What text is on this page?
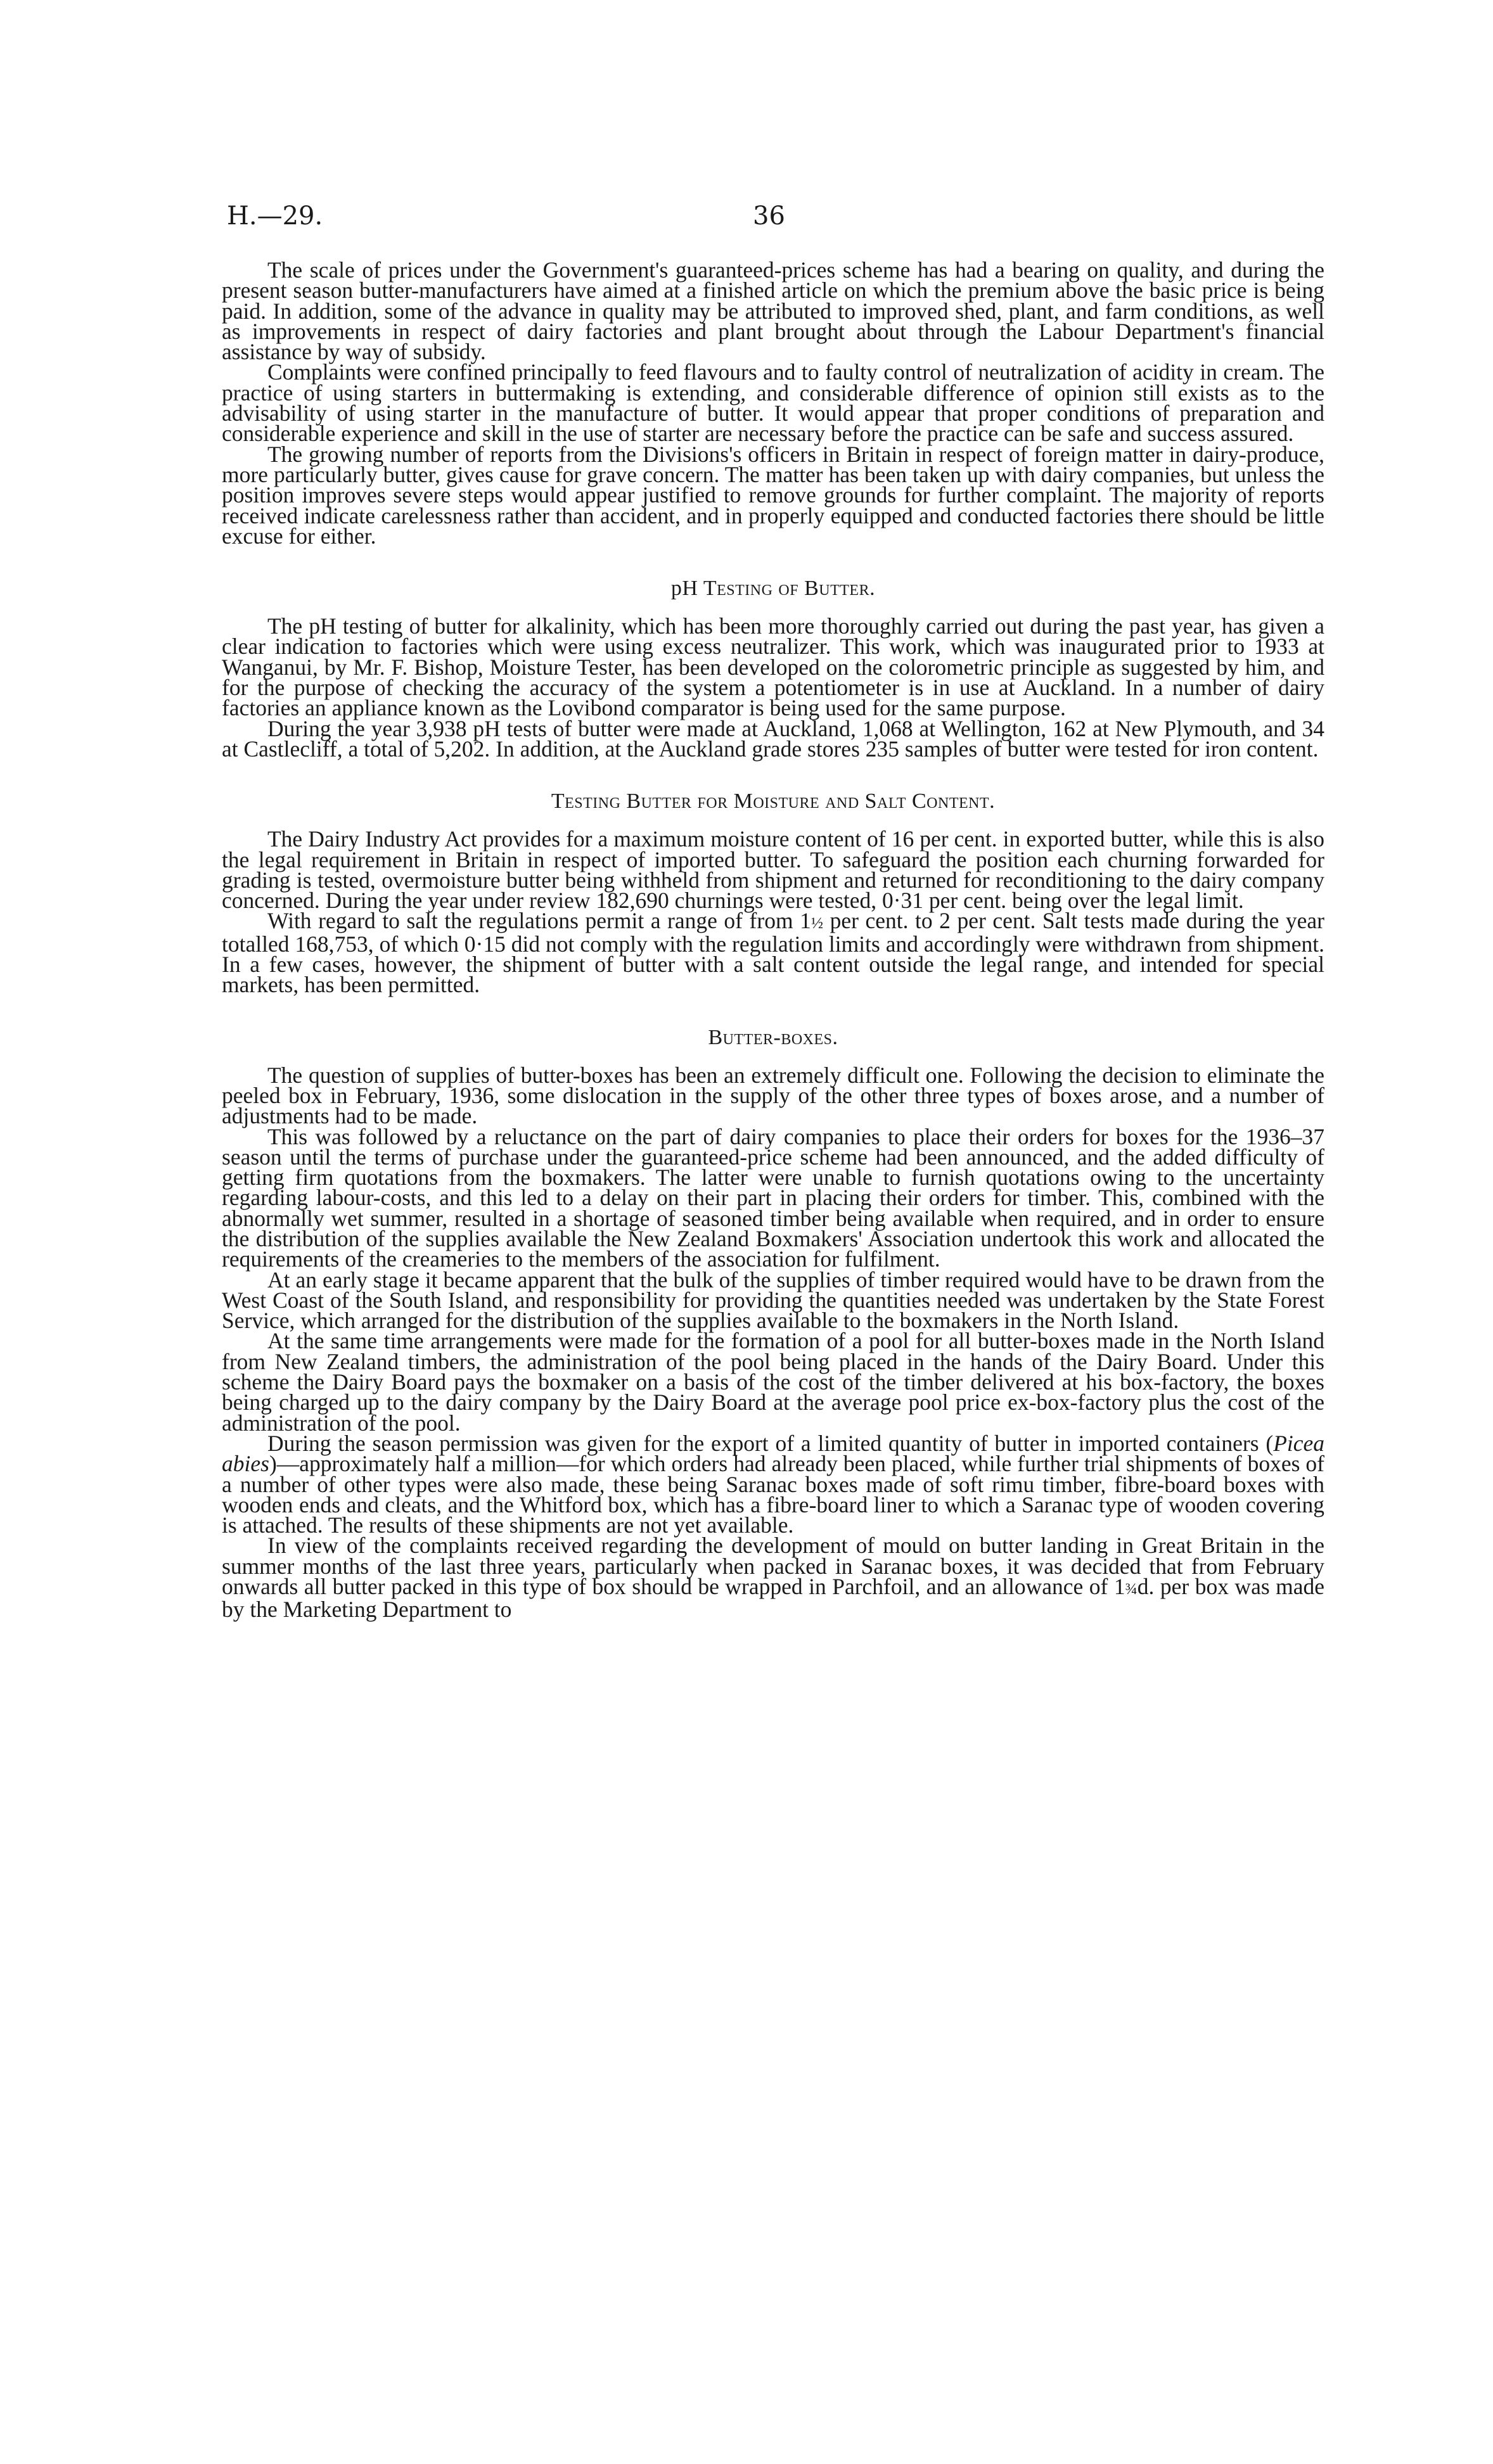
H.—29.	36

The scale of prices under the Government's guaranteed-prices scheme has had a bearing on quality, and during the present season butter-manufacturers have aimed at a finished article on which the premium above the basic price is being paid. In addition, some of the advance in quality may be attributed to improved shed, plant, and farm conditions, as well as improvements in respect of dairy factories and plant brought about through the Labour Department's financial assistance by way of subsidy.

Complaints were confined principally to feed flavours and to faulty control of neutralization of acidity in cream. The practice of using starters in buttermaking is extending, and considerable difference of opinion still exists as to the advisability of using starter in the manufacture of butter. It would appear that proper conditions of preparation and considerable experience and skill in the use of starter are necessary before the practice can be safe and success assured.

The growing number of reports from the Divisions's officers in Britain in respect of foreign matter in dairy-produce, more particularly butter, gives cause for grave concern. The matter has been taken up with dairy companies, but unless the position improves severe steps would appear justified to remove grounds for further complaint. The majority of reports received indicate carelessness rather than accident, and in properly equipped and conducted factories there should be little excuse for either.

pH Testing of Butter.

The pH testing of butter for alkalinity, which has been more thoroughly carried out during the past year, has given a clear indication to factories which were using excess neutralizer. This work, which was inaugurated prior to 1933 at Wanganui, by Mr. F. Bishop, Moisture Tester, has been developed on the colorometric principle as suggested by him, and for the purpose of checking the accuracy of the system a potentiometer is in use at Auckland. In a number of dairy factories an appliance known as the Lovibond comparator is being used for the same purpose.

During the year 3,938 pH tests of butter were made at Auckland, 1,068 at Wellington, 162 at New Plymouth, and 34 at Castlecliff, a total of 5,202. In addition, at the Auckland grade stores 235 samples of butter were tested for iron content.

Testing Butter for Moisture and Salt Content.

The Dairy Industry Act provides for a maximum moisture content of 16 per cent. in exported butter, while this is also the legal requirement in Britain in respect of imported butter. To safeguard the position each churning forwarded for grading is tested, overmoisture butter being withheld from shipment and returned for reconditioning to the dairy company concerned. During the year under review 182,690 churnings were tested, 0·31 per cent. being over the legal limit.

With regard to salt the regulations permit a range of from 1½ per cent. to 2 per cent. Salt tests made during the year totalled 168,753, of which 0·15 did not comply with the regulation limits and accordingly were withdrawn from shipment. In a few cases, however, the shipment of butter with a salt content outside the legal range, and intended for special markets, has been permitted.

Butter-boxes.

The question of supplies of butter-boxes has been an extremely difficult one. Following the decision to eliminate the peeled box in February, 1936, some dislocation in the supply of the other three types of boxes arose, and a number of adjustments had to be made.

This was followed by a reluctance on the part of dairy companies to place their orders for boxes for the 1936–37 season until the terms of purchase under the guaranteed-price scheme had been announced, and the added difficulty of getting firm quotations from the boxmakers. The latter were unable to furnish quotations owing to the uncertainty regarding labour-costs, and this led to a delay on their part in placing their orders for timber. This, combined with the abnormally wet summer, resulted in a shortage of seasoned timber being available when required, and in order to ensure the distribution of the supplies available the New Zealand Boxmakers' Association undertook this work and allocated the requirements of the creameries to the members of the association for fulfilment.

At an early stage it became apparent that the bulk of the supplies of timber required would have to be drawn from the West Coast of the South Island, and responsibility for providing the quantities needed was undertaken by the State Forest Service, which arranged for the distribution of the supplies available to the boxmakers in the North Island.

At the same time arrangements were made for the formation of a pool for all butter-boxes made in the North Island from New Zealand timbers, the administration of the pool being placed in the hands of the Dairy Board. Under this scheme the Dairy Board pays the boxmaker on a basis of the cost of the timber delivered at his box-factory, the boxes being charged up to the dairy company by the Dairy Board at the average pool price ex-box-factory plus the cost of the administration of the pool.

During the season permission was given for the export of a limited quantity of butter in imported containers (Picea abies)—approximately half a million—for which orders had already been placed, while further trial shipments of boxes of a number of other types were also made, these being Saranac boxes made of soft rimu timber, fibre-board boxes with wooden ends and cleats, and the Whitford box, which has a fibre-board liner to which a Saranac type of wooden covering is attached. The results of these shipments are not yet available.

In view of the complaints received regarding the development of mould on butter landing in Great Britain in the summer months of the last three years, particularly when packed in Saranac boxes, it was decided that from February onwards all butter packed in this type of box should be wrapped in Parchfoil, and an allowance of 1¾d. per box was made by the Marketing Department to
